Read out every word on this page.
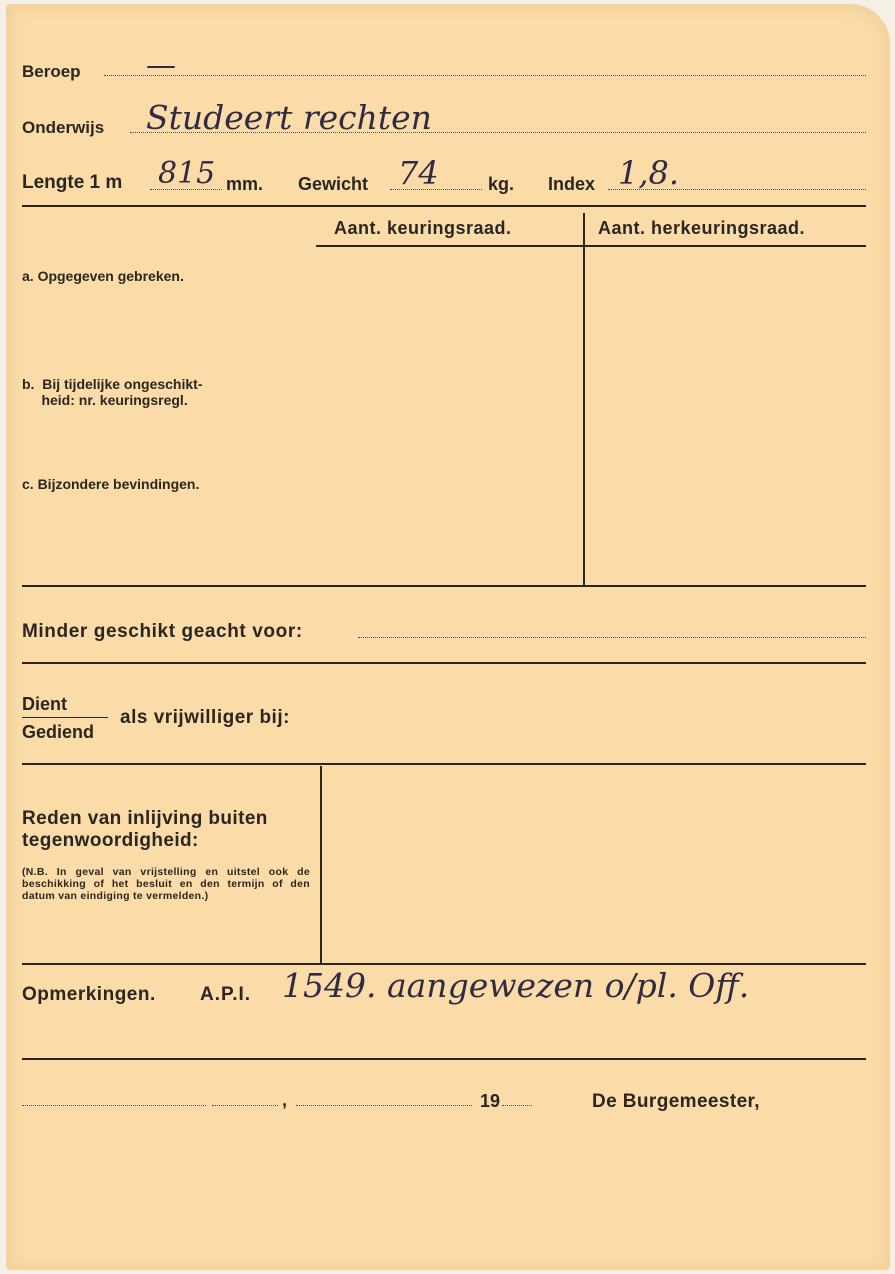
Beroep —
Onderwijs Studeert rechten
Lengte 1 m 815 mm. Gewicht 74	kg. Index 1,8.
Aant. keuringsraad.	Aant. herkeuringsraad.
a. Opgegeven gebreken.
b.  Bij tijdelijke ongeschikt-
heid: nr. keuringsregl.
c. Bijzondere bevindingen.
Minder geschikt geacht voor:
Dient
Gediend
als vrijwilliger bij:
Reden van inlijving buiten tegenwoordigheid:
(N.B. In geval van vrijstelling en uitstel ook de beschikking of het besluit en den termijn of den datum van eindiging te vermelden.)
Opmerkingen. A.P.I. 1549. aangewezen o/pl. Off.
,	19	De Burgemeester,
